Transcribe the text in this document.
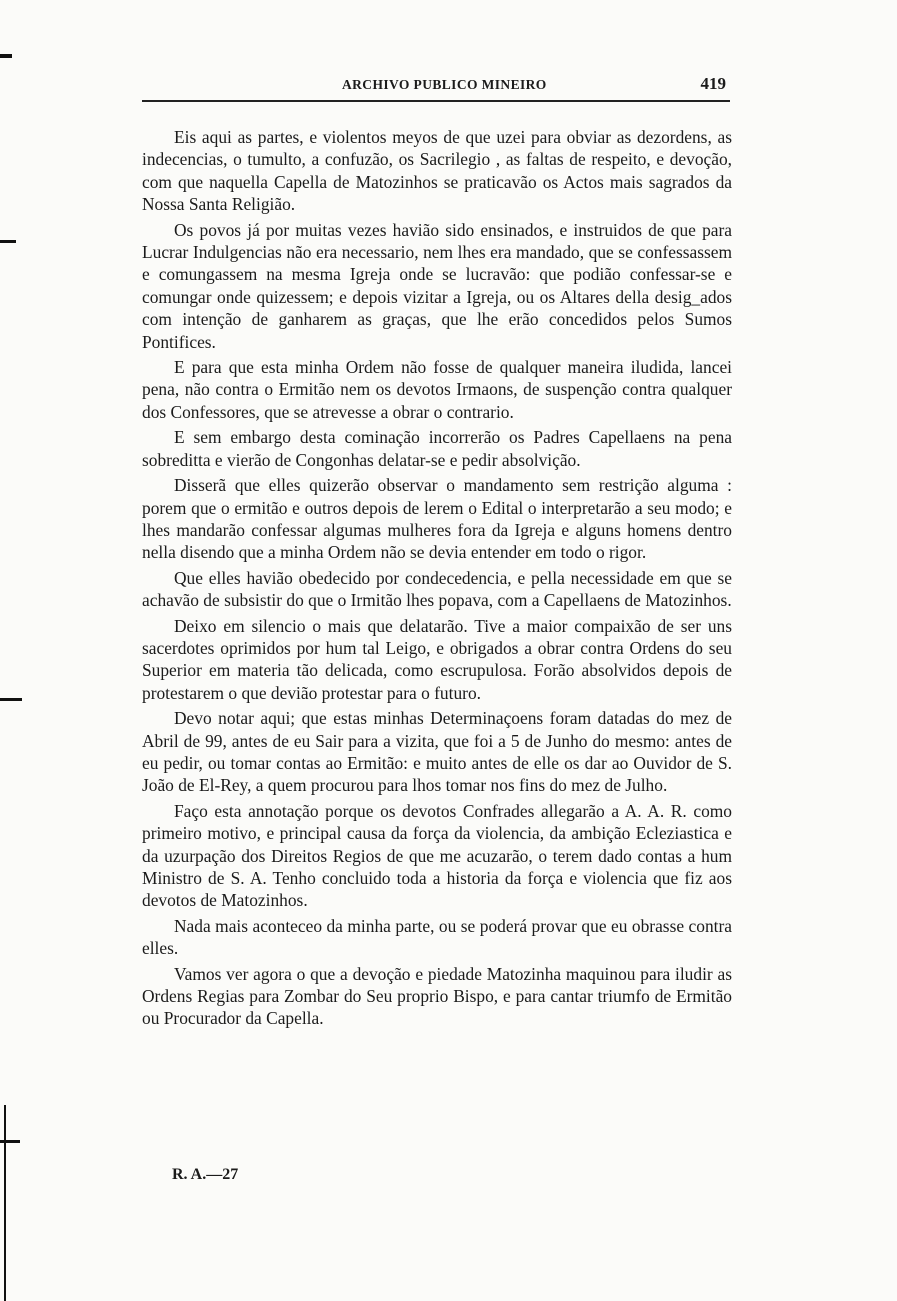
ARCHIVO PUBLICO MINEIRO	419

Eis aqui as partes, e violentos meyos de que uzei para obviar as dezordens, as indecencias, o tumulto, a confuzão, os Sacrilegio , as faltas de respeito, e devoção, com que naquella Capella de Matozinhos se praticavão os Actos mais sagrados da Nossa Santa Religião.

Os povos já por muitas vezes havião sido ensinados, e instruidos de que para Lucrar Indulgencias não era necessario, nem lhes era mandado, que se confessassem e comungassem na mesma Igreja onde se lucravão: que podião confessar-se e comungar onde quizessem; e depois vizitar a Igreja, ou os Altares della desig_ados com intenção de ganharem as graças, que lhe erão concedidos pelos Sumos Pontifices.

E para que esta minha Ordem não fosse de qualquer maneira iludida, lancei pena, não contra o Ermitão nem os devotos Irmaons, de suspenção contra qualquer dos Confessores, que se atrevesse a obrar o contrario.

E sem embargo desta cominação incorrerão os Padres Capellaens na pena sobreditta e vierão de Congonhas delatar-se e pedir absolvição.

Disserã que elles quizerão observar o mandamento sem restrição alguma : porem que o ermitão e outros depois de lerem o Edital o interpretarão a seu modo; e lhes mandarão confessar algumas mulheres fora da Igreja e alguns homens dentro nella disendo que a minha Ordem não se devia entender em todo o rigor.

Que elles havião obedecido por condecedencia, e pella necessidade em que se achavão de subsistir do que o Irmitão lhes popava, com a Capellaens de Matozinhos.

Deixo em silencio o mais que delatarão. Tive a maior compaixão de ser uns sacerdotes oprimidos por hum tal Leigo, e obrigados a obrar contra Ordens do seu Superior em materia tão delicada, como escrupulosa. Forão absolvidos depois de protestarem o que devião protestar para o futuro.

Devo notar aqui; que estas minhas Determinaçoens foram datadas do mez de Abril de 99, antes de eu Sair para a vizita, que foi a 5 de Junho do mesmo: antes de eu pedir, ou tomar contas ao Ermitão: e muito antes de elle os dar ao Ouvidor de S. João de El-Rey, a quem procurou para lhos tomar nos fins do mez de Julho.

Faço esta annotação porque os devotos Confrades allegarão a A. A. R. como primeiro motivo, e principal causa da força da violencia, da ambição Ecleziastica e da uzurpação dos Direitos Regios de que me acuzarão, o terem dado contas a hum Ministro de S. A. Tenho concluido toda a historia da força e violencia que fiz aos devotos de Matozinhos.

Nada mais aconteceo da minha parte, ou se poderá provar que eu obrasse contra elles.

Vamos ver agora o que a devoção e piedade Matozinha maquinou para iludir as Ordens Regias para Zombar do Seu proprio Bispo, e para cantar triumfo de Ermitão ou Procurador da Capella.

R. A.—27
